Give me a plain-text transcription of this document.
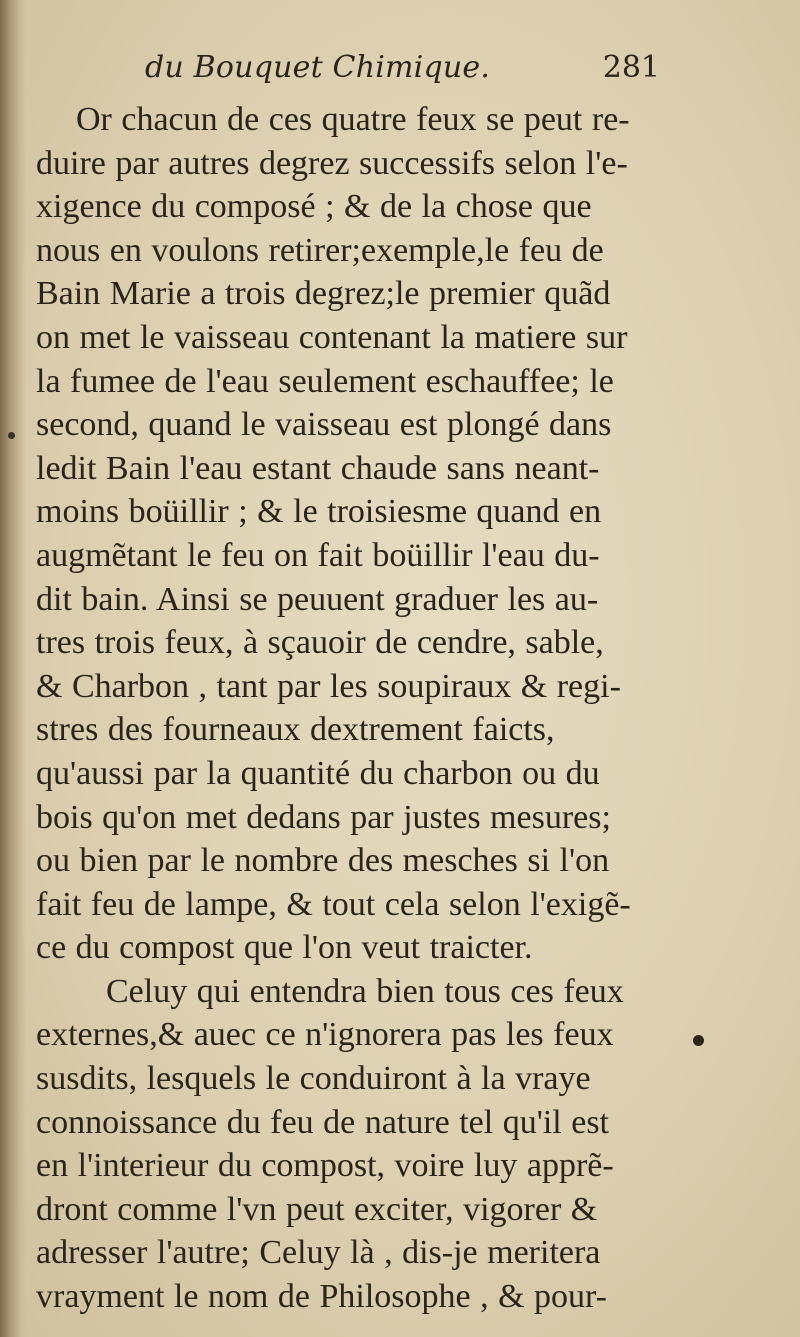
du Bouquet Chimique.	281
Or chacun de ces quatre feux se peut re-
duire par autres degrez successifs selon l'e-
xigence du composé ; & de la chose que
nous en voulons retirer;exemple,le feu de
Bain Marie a trois degrez;le premier quãd
on met le vaisseau contenant la matiere sur
la fumee de l'eau seulement eschauffee; le
second, quand le vaisseau est plongé dans
ledit Bain l'eau estant chaude sans neant-
moins boüillir ; & le troisiesme quand en
augmẽtant le feu on fait boüillir l'eau du-
dit bain. Ainsi se peuuent graduer les au-
tres trois feux, à sçauoir de cendre, sable,
& Charbon , tant par les soupiraux & regi-
stres des fourneaux dextrement faicts,
qu'aussi par la quantité du charbon ou du
bois qu'on met dedans par justes mesures;
ou bien par le nombre des mesches si l'on
fait feu de lampe, & tout cela selon l'exigẽ-
ce du compost que l'on veut traicter.
Celuy qui entendra bien tous ces feux
externes,& auec ce n'ignorera pas les feux
susdits, lesquels le conduiront à la vraye
connoissance du feu de nature tel qu'il est
en l'interieur du compost, voire luy apprẽ-
dront comme l'vn peut exciter, vigorer &
adresser l'autre; Celuy là , dis-je meritera
vrayment le nom de Philosophe , & pour-
